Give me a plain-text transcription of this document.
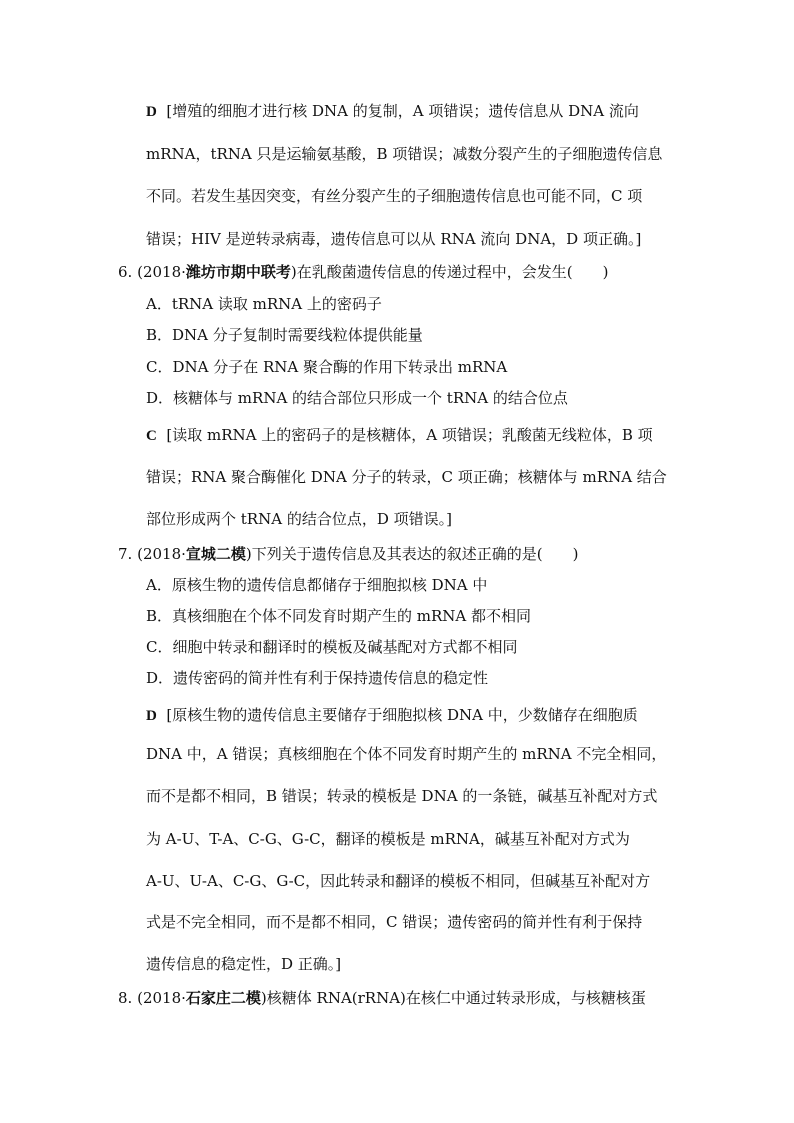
D [增殖的细胞才进行核 DNA 的复制，A 项错误；遗传信息从 DNA 流向
mRNA，tRNA 只是运输氨基酸，B 项错误；减数分裂产生的子细胞遗传信息
不同。若发生基因突变，有丝分裂产生的子细胞遗传信息也可能不同，C 项
错误；HIV 是逆转录病毒，遗传信息可以从 RNA 流向 DNA，D 项正确。]
6. (2018·潍坊市期中联考)在乳酸菌遗传信息的传递过程中，会发生(　　)
A．tRNA 读取 mRNA 上的密码子
B．DNA 分子复制时需要线粒体提供能量
C．DNA 分子在 RNA 聚合酶的作用下转录出 mRNA
D．核糖体与 mRNA 的结合部位只形成一个 tRNA 的结合位点
C [读取 mRNA 上的密码子的是核糖体，A 项错误；乳酸菌无线粒体，B 项
错误；RNA 聚合酶催化 DNA 分子的转录，C 项正确；核糖体与 mRNA 结合
部位形成两个 tRNA 的结合位点，D 项错误。]
7. (2018·宣城二模)下列关于遗传信息及其表达的叙述正确的是(　　)
A．原核生物的遗传信息都储存于细胞拟核 DNA 中
B．真核细胞在个体不同发育时期产生的 mRNA 都不相同
C．细胞中转录和翻译时的模板及碱基配对方式都不相同
D．遗传密码的简并性有利于保持遗传信息的稳定性
D [原核生物的遗传信息主要储存于细胞拟核 DNA 中，少数储存在细胞质
DNA 中，A 错误；真核细胞在个体不同发育时期产生的 mRNA 不完全相同，
而不是都不相同，B 错误；转录的模板是 DNA 的一条链，碱基互补配对方式
为 A-U、T-A、C-G、G-C，翻译的模板是 mRNA，碱基互补配对方式为
A-U、U-A、C-G、G-C，因此转录和翻译的模板不相同，但碱基互补配对方
式是不完全相同，而不是都不相同，C 错误；遗传密码的简并性有利于保持
遗传信息的稳定性，D 正确。]
8. (2018·石家庄二模)核糖体 RNA(rRNA)在核仁中通过转录形成，与核糖核蛋
